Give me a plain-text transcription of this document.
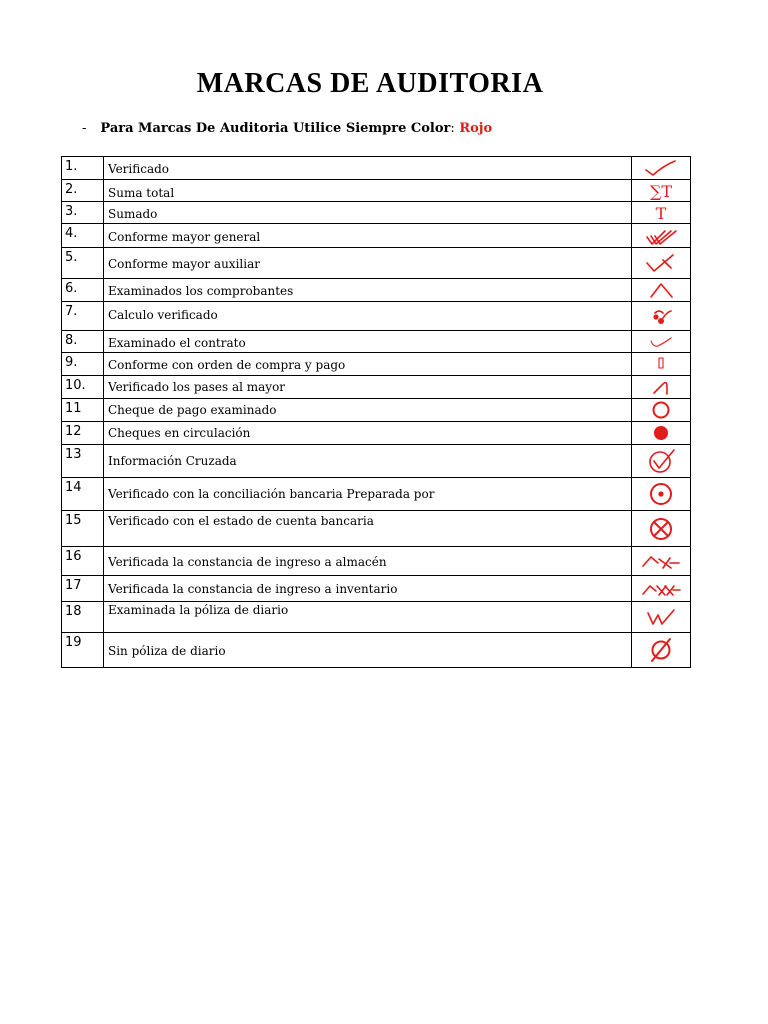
MARCAS DE AUDITORIA
- Para Marcas De Auditoria Utilice Siempre Color: Rojo
1.	Verificado

2.	Suma total	∑T

3.	Sumado	T

4.	Conforme mayor general

5.	Conforme mayor auxiliar

6.	Examinados los comprobantes

7.	Calculo verificado

8.	Examinado el contrato

9.	Conforme con orden de compra y pago

10.	Verificado los pases al mayor

11	Cheque de pago examinado

12	Cheques en circulación

13	Información Cruzada

14	Verificado con la conciliación bancaria Preparada por

15	Verificado con el estado de cuenta bancaria

16	Verificada la constancia de ingreso a almacén

17	Verificada la constancia de ingreso a inventario

18	Examinada la póliza de diario

19	Sin póliza de diario
